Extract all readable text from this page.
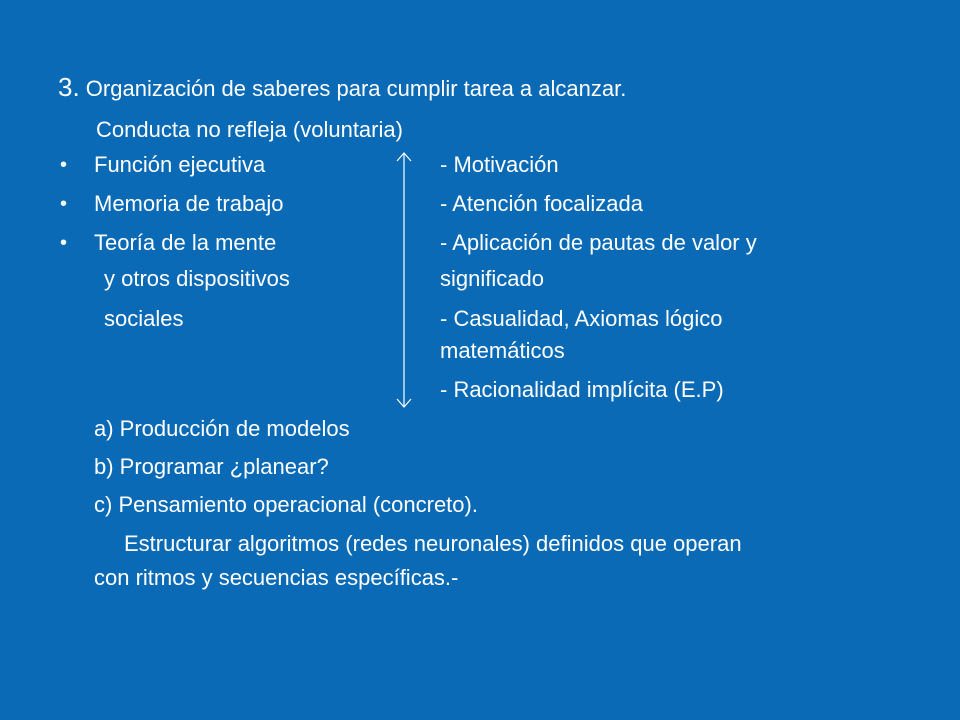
3. Organización de saberes para cumplir tarea a alcanzar.
Conducta no refleja (voluntaria)
•
•
•
Función ejecutiva
Memoria de trabajo
Teoría de la mente
y otros dispositivos
sociales
- Motivación
- Atención focalizada
- Aplicación de pautas de valor y
significado
- Casualidad, Axiomas lógico
matemáticos
- Racionalidad implícita (E.P)
a) Producción de modelos
b) Programar ¿planear?
c) Pensamiento operacional (concreto).
Estructurar algoritmos (redes neuronales) definidos que operan
con ritmos y secuencias específicas.-
